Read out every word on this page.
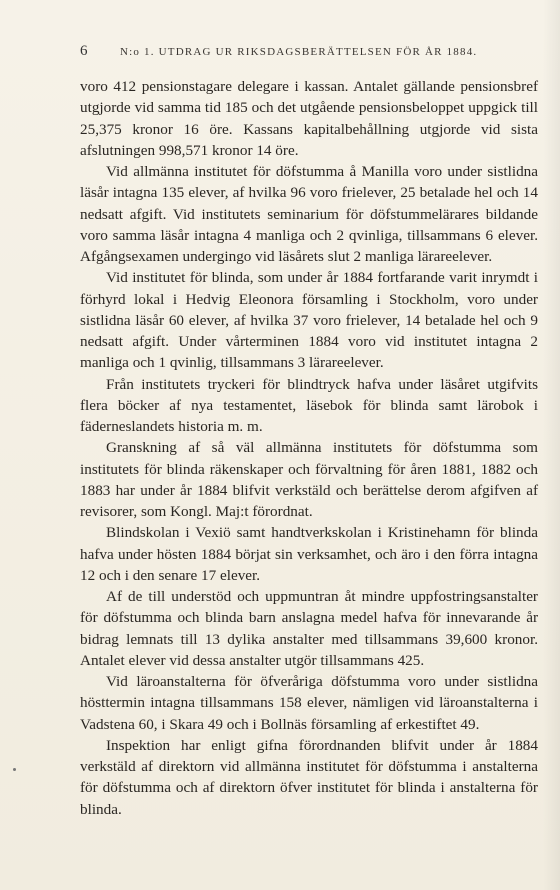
6	N:o 1. UTDRAG UR RIKSDAGSBERÄTTELSEN FÖR ÅR 1884.

voro 412 pensionstagare delegare i kassan. Antalet gällande pensionsbref utgjorde vid samma tid 185 och det utgående pensionsbeloppet uppgick till 25,375 kronor 16 öre. Kassans kapitalbehållning utgjorde vid sista afslutningen 998,571 kronor 14 öre.

Vid allmänna institutet för döfstumma å Manilla voro under sistlidna läsår intagna 135 elever, af hvilka 96 voro frielever, 25 betalade hel och 14 nedsatt afgift. Vid institutets seminarium för döfstummelärares bildande voro samma läsår intagna 4 manliga och 2 qvinliga, tillsammans 6 elever. Afgångsexamen undergingo vid läsårets slut 2 manliga lärareelever.

Vid institutet för blinda, som under år 1884 fortfarande varit inrymdt i förhyrd lokal i Hedvig Eleonora församling i Stockholm, voro under sistlidna läsår 60 elever, af hvilka 37 voro frielever, 14 betalade hel och 9 nedsatt afgift. Under vårterminen 1884 voro vid institutet intagna 2 manliga och 1 qvinlig, tillsammans 3 lärareelever.

Från institutets tryckeri för blindtryck hafva under läsåret utgifvits flera böcker af nya testamentet, läsebok för blinda samt lärobok i fäderneslandets historia m. m.

Granskning af så väl allmänna institutets för döfstumma som institutets för blinda räkenskaper och förvaltning för åren 1881, 1882 och 1883 har under år 1884 blifvit verkstäld och berättelse derom afgifven af revisorer, som Kongl. Maj:t förordnat.

Blindskolan i Vexiö samt handtverkskolan i Kristinehamn för blinda hafva under hösten 1884 börjat sin verksamhet, och äro i den förra intagna 12 och i den senare 17 elever.

Af de till understöd och uppmuntran åt mindre uppfostringsanstalter för döfstumma och blinda barn anslagna medel hafva för innevarande år bidrag lemnats till 13 dylika anstalter med tillsammans 39,600 kronor. Antalet elever vid dessa anstalter utgör tillsammans 425.

Vid läroanstalterna för öfveråriga döfstumma voro under sistlidna hösttermin intagna tillsammans 158 elever, nämligen vid läroanstalterna i Vadstena 60, i Skara 49 och i Bollnäs församling af erkestiftet 49.

Inspektion har enligt gifna förordnanden blifvit under år 1884 verkstäld af direktorn vid allmänna institutet för döfstumma i anstalterna för döfstumma och af direktorn öfver institutet för blinda i anstalterna för blinda.
